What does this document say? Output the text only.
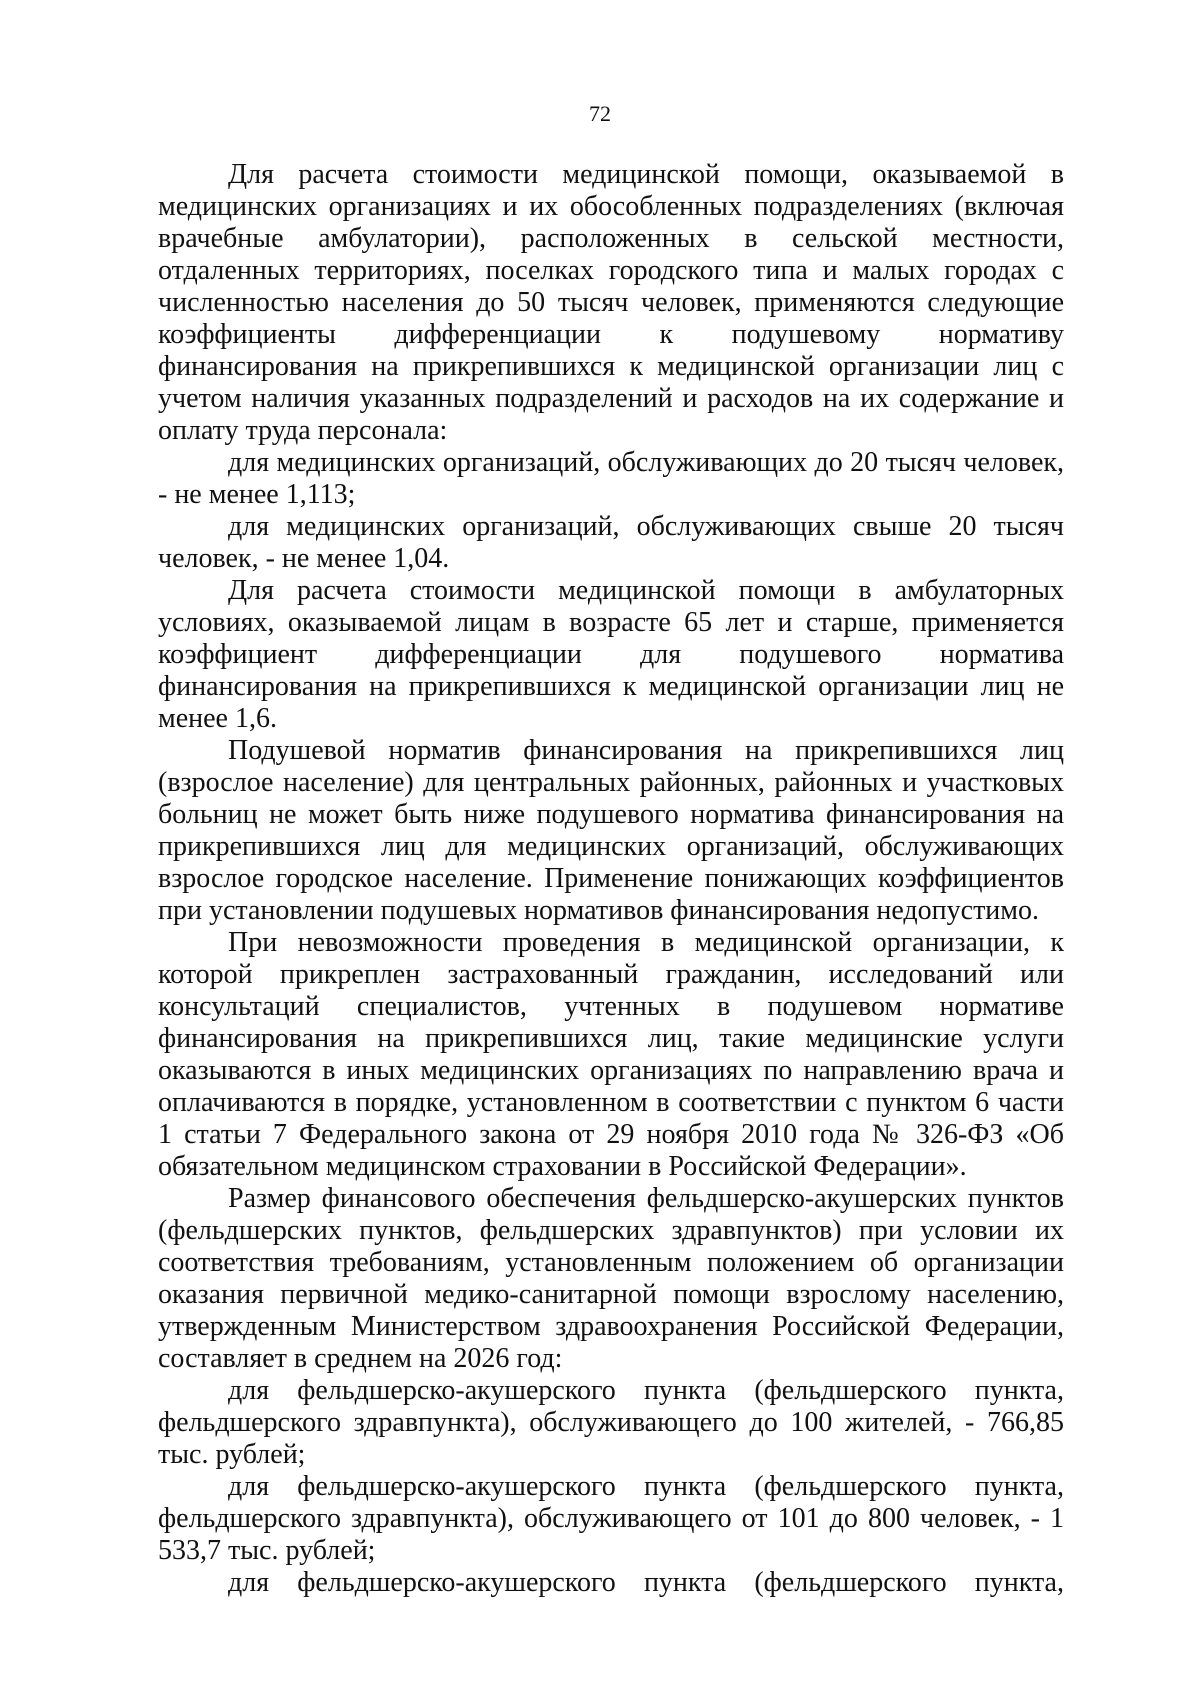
72

Для расчета стоимости медицинской помощи, оказываемой в медицинских организациях и их обособленных подразделениях (включая врачебные амбулатории), расположенных в сельской местности, отдаленных территориях, поселках городского типа и малых городах с численностью населения до 50 тысяч человек, применяются следующие коэффициенты дифференциации к подушевому нормативу финансирования на прикрепившихся к медицинской организации лиц с учетом наличия указанных подразделений и расходов на их содержание и оплату труда персонала:

для медицинских организаций, обслуживающих до 20 тысяч человек, - не менее 1,113;

для медицинских организаций, обслуживающих свыше 20 тысяч человек, - не менее 1,04.

Для расчета стоимости медицинской помощи в амбулаторных условиях, оказываемой лицам в возрасте 65 лет и старше, применяется коэффициент дифференциации для подушевого норматива финансирования на прикрепившихся к медицинской организации лиц не менее 1,6.

Подушевой норматив финансирования на прикрепившихся лиц (взрослое население) для центральных районных, районных и участковых больниц не может быть ниже подушевого норматива финансирования на прикрепившихся лиц для медицинских организаций, обслуживающих взрослое городское население. Применение понижающих коэффициентов при установлении подушевых нормативов финансирования недопустимо.

При невозможности проведения в медицинской организации, к которой прикреплен застрахованный гражданин, исследований или консультаций специалистов, учтенных в подушевом нормативе финансирования на прикрепившихся лиц, такие медицинские услуги оказываются в иных медицинских организациях по направлению врача и оплачиваются в порядке, установленном в соответствии с пунктом 6 части 1 статьи 7 Федерального закона от 29 ноября 2010 года № 326-ФЗ «Об обязательном медицинском страховании в Российской Федерации».

Размер финансового обеспечения фельдшерско-акушерских пунктов (фельдшерских пунктов, фельдшерских здравпунктов) при условии их соответствия требованиям, установленным положением об организации оказания первичной медико-санитарной помощи взрослому населению, утвержденным Министерством здравоохранения Российской Федерации, составляет в среднем на 2026 год:

для фельдшерско-акушерского пункта (фельдшерского пункта, фельдшерского здравпункта), обслуживающего до 100 жителей, - 766,85 тыс. рублей;

для фельдшерско-акушерского пункта (фельдшерского пункта, фельдшерского здравпункта), обслуживающего от 101 до 800 человек, - 1 533,7 тыс. рублей;

для фельдшерско-акушерского пункта (фельдшерского пункта,
